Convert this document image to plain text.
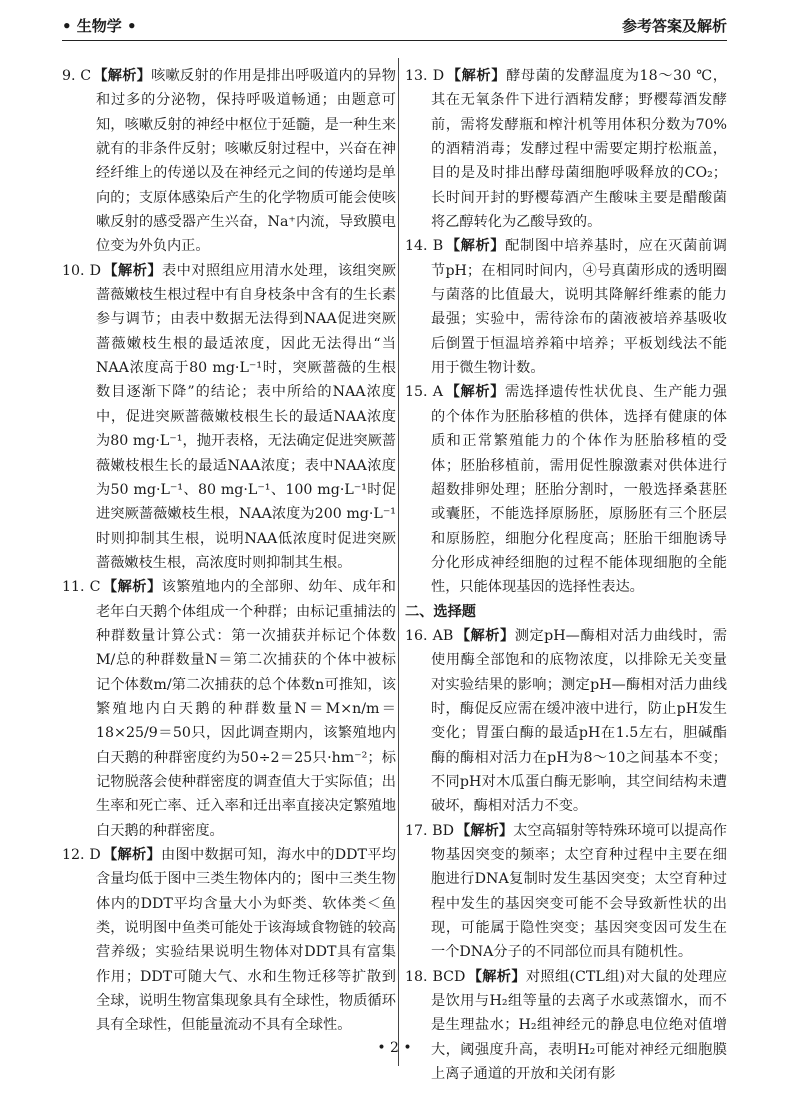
• 生物学 •	参考答案及解析

9. C 【解析】咳嗽反射的作用是排出呼吸道内的异物和过多的分泌物，保持呼吸道畅通；由题意可知，咳嗽反射的神经中枢位于延髓，是一种生来就有的非条件反射；咳嗽反射过程中，兴奋在神经纤维上的传递以及在神经元之间的传递均是单向的；支原体感染后产生的化学物质可能会使咳嗽反射的感受器产生兴奋，Na⁺内流，导致膜电位变为外负内正。

10. D 【解析】表中对照组应用清水处理，该组突厥蔷薇嫩枝生根过程中有自身枝条中含有的生长素参与调节；由表中数据无法得到NAA促进突厥蔷薇嫩枝生根的最适浓度，因此无法得出“当NAA浓度高于80 mg·L⁻¹时，突厥蔷薇的生根数目逐渐下降”的结论；表中所给的NAA浓度中，促进突厥蔷薇嫩枝根生长的最适NAA浓度为80 mg·L⁻¹，抛开表格，无法确定促进突厥蔷薇嫩枝根生长的最适NAA浓度；表中NAA浓度为50 mg·L⁻¹、80 mg·L⁻¹、100 mg·L⁻¹时促进突厥蔷薇嫩枝生根，NAA浓度为200 mg·L⁻¹时则抑制其生根，说明NAA低浓度时促进突厥蔷薇嫩枝生根，高浓度时则抑制其生根。

11. C 【解析】该繁殖地内的全部卵、幼年、成年和老年白天鹅个体组成一个种群；由标记重捕法的种群数量计算公式：第一次捕获并标记个体数M/总的种群数量N＝第二次捕获的个体中被标记个体数m/第二次捕获的总个体数n可推知，该繁殖地内白天鹅的种群数量N＝M×n/m＝18×25/9＝50只，因此调查期内，该繁殖地内白天鹅的种群密度约为50÷2＝25只·hm⁻²；标记物脱落会使种群密度的调查值大于实际值；出生率和死亡率、迁入率和迁出率直接决定繁殖地白天鹅的种群密度。

12. D 【解析】由图中数据可知，海水中的DDT平均含量均低于图中三类生物体内的；图中三类生物体内的DDT平均含量大小为虾类、软体类＜鱼类，说明图中鱼类可能处于该海域食物链的较高营养级；实验结果说明生物体对DDT具有富集作用；DDT可随大气、水和生物迁移等扩散到全球，说明生物富集现象具有全球性，物质循环具有全球性，但能量流动不具有全球性。

13. D 【解析】酵母菌的发酵温度为18～30 ℃，其在无氧条件下进行酒精发酵；野樱莓酒发酵前，需将发酵瓶和榨汁机等用体积分数为70%的酒精消毒；发酵过程中需要定期拧松瓶盖，目的是及时排出酵母菌细胞呼吸释放的CO₂；长时间开封的野樱莓酒产生酸味主要是醋酸菌将乙醇转化为乙酸导致的。

14. B 【解析】配制图中培养基时，应在灭菌前调节pH；在相同时间内，④号真菌形成的透明圈与菌落的比值最大，说明其降解纤维素的能力最强；实验中，需待涂布的菌液被培养基吸收后倒置于恒温培养箱中培养；平板划线法不能用于微生物计数。

15. A 【解析】需选择遗传性状优良、生产能力强的个体作为胚胎移植的供体，选择有健康的体质和正常繁殖能力的个体作为胚胎移植的受体；胚胎移植前，需用促性腺激素对供体进行超数排卵处理；胚胎分割时，一般选择桑葚胚或囊胚，不能选择原肠胚，原肠胚有三个胚层和原肠腔，细胞分化程度高；胚胎干细胞诱导分化形成神经细胞的过程不能体现细胞的全能性，只能体现基因的选择性表达。

二、选择题

16. AB 【解析】测定pH—酶相对活力曲线时，需使用酶全部饱和的底物浓度，以排除无关变量对实验结果的影响；测定pH—酶相对活力曲线时，酶促反应需在缓冲液中进行，防止pH发生变化；胃蛋白酶的最适pH在1.5左右，胆碱酯酶的酶相对活力在pH为8～10之间基本不变；不同pH对木瓜蛋白酶无影响，其空间结构未遭破坏，酶相对活力不变。

17. BD 【解析】太空高辐射等特殊环境可以提高作物基因突变的频率；太空育种过程中主要在细胞进行DNA复制时发生基因突变；太空育种过程中发生的基因突变可能不会导致新性状的出现，可能属于隐性突变；基因突变因可发生在一个DNA分子的不同部位而具有随机性。

18. BCD 【解析】对照组(CTL组)对大鼠的处理应是饮用与H₂组等量的去离子水或蒸馏水，而不是生理盐水；H₂组神经元的静息电位绝对值增大，阈强度升高，表明H₂可能对神经元细胞膜上离子通道的开放和关闭有影

• 2 •
